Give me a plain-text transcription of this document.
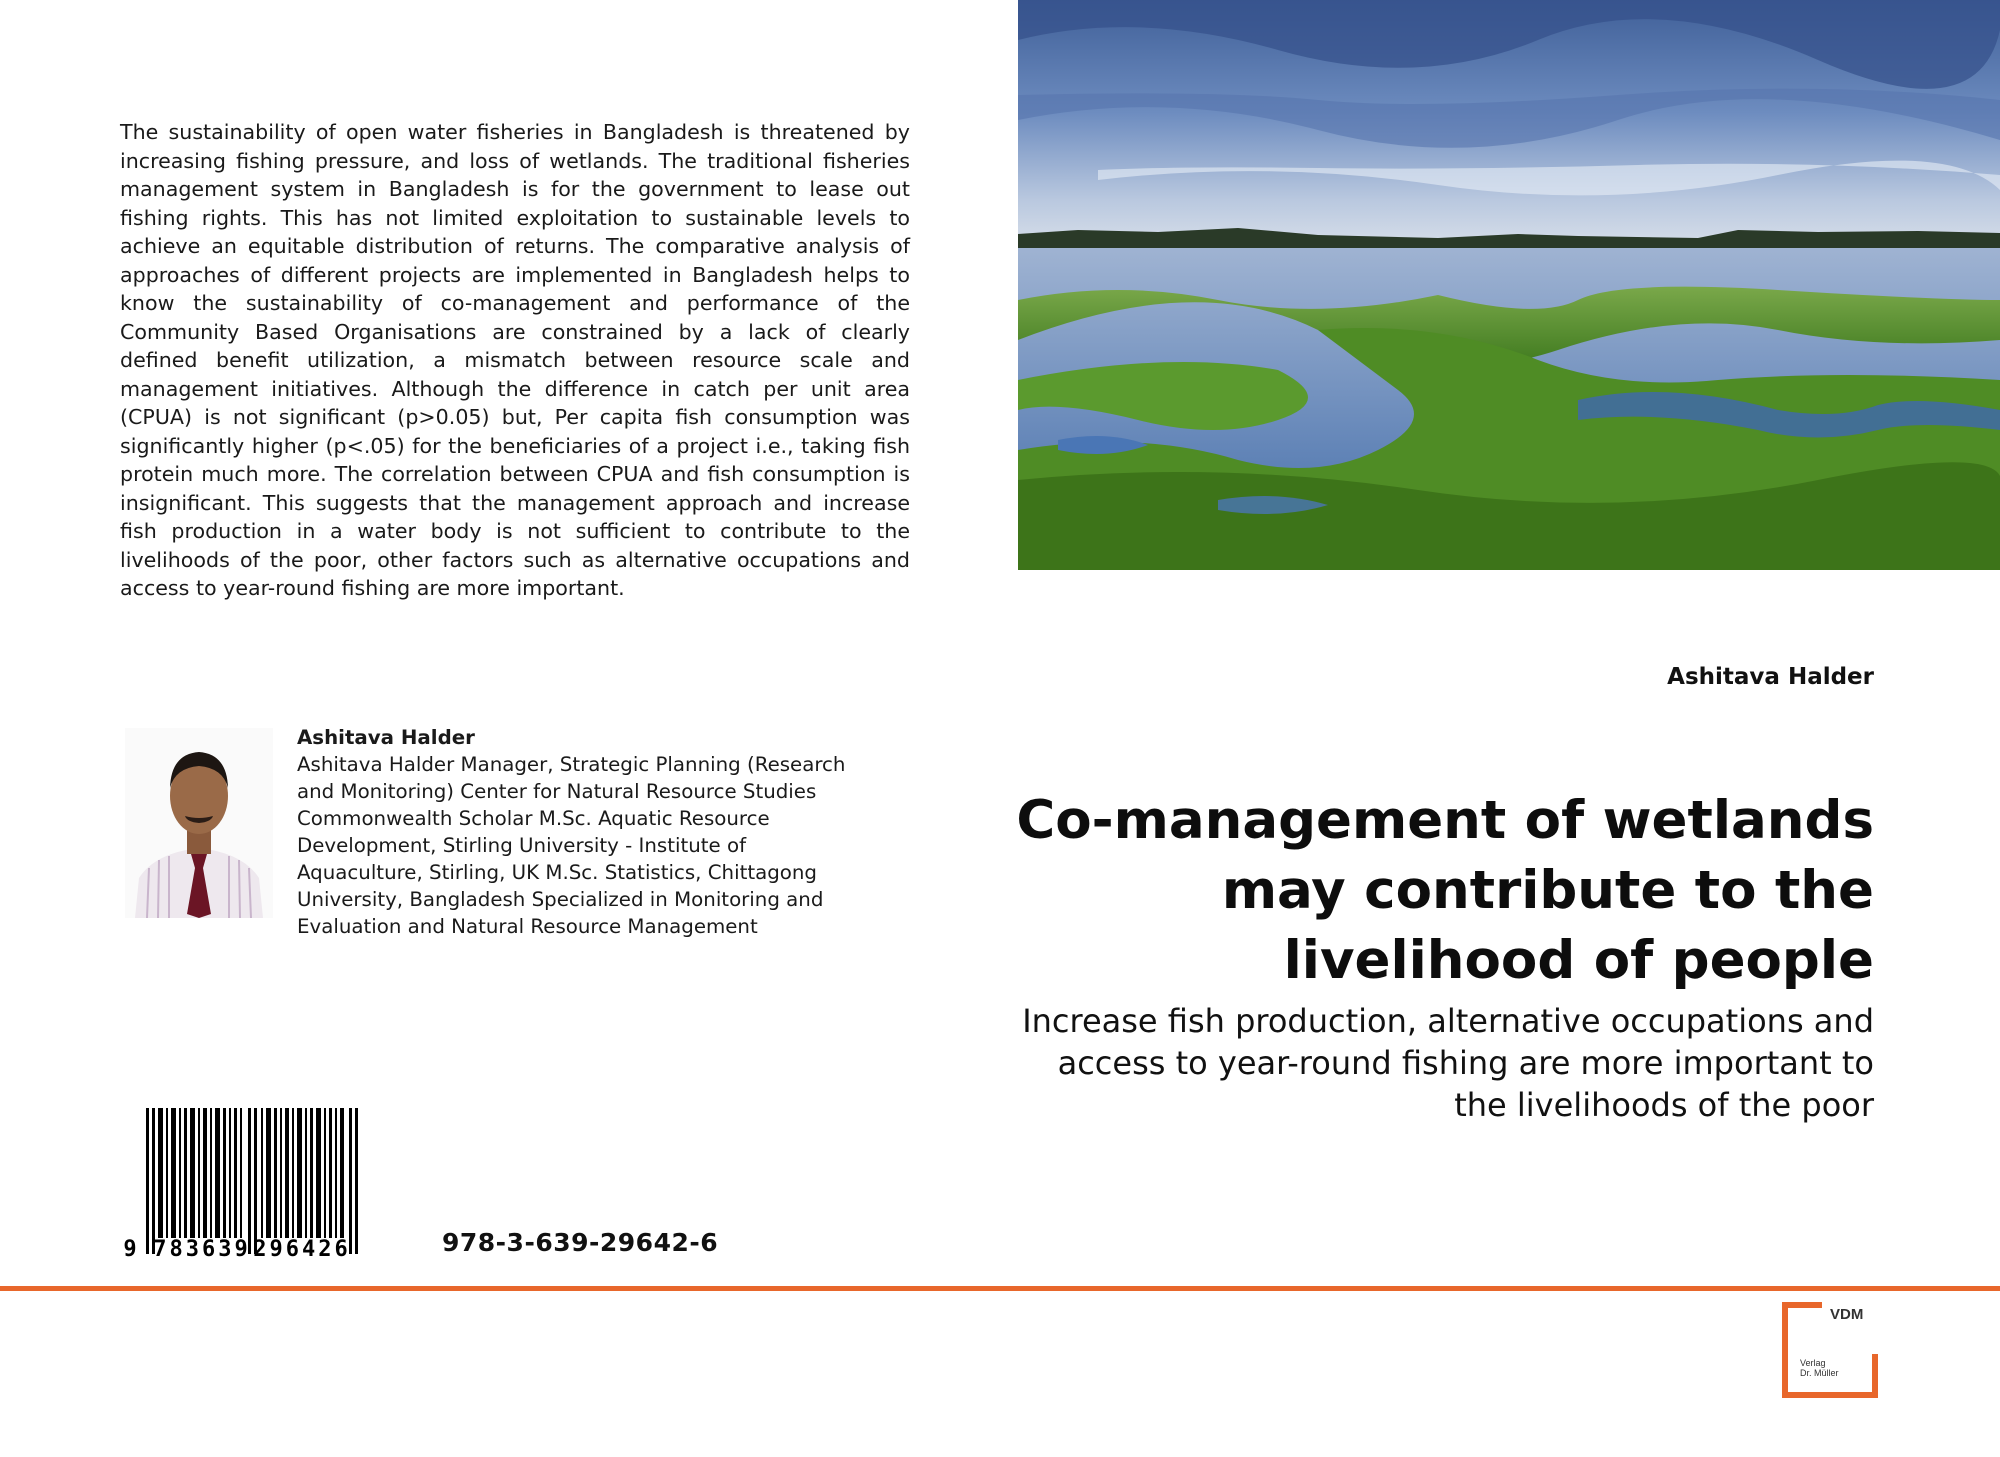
The sustainability of open water fisheries in Bangladesh is threatened by increasing fishing pressure, and loss of wetlands. The traditional fisheries management system in Bangladesh is for the government to lease out fishing rights. This has not limited exploitation to sustainable levels to achieve an equitable distribution of returns. The comparative analysis of approaches of different projects are implemented in Bangladesh helps to know the sustainability of co-management and performance of the Community Based Organisations are constrained by a lack of clearly defined benefit utilization, a mismatch between resource scale and management initiatives. Although the difference in catch per unit area (CPUA) is not significant (p>0.05) but, Per capita fish consumption was significantly higher (p<.05) for the beneficiaries of a project i.e., taking fish protein much more. The correlation between CPUA and fish consumption is insignificant. This suggests that the management approach and increase fish production in a water body is not sufficient to contribute to the livelihoods of the poor, other factors such as alternative occupations and access to year-round fishing are more important.
Ashitava Halder
Ashitava Halder Manager, Strategic Planning (Research and Monitoring) Center for Natural Resource Studies Commonwealth Scholar M.Sc. Aquatic Resource Development, Stirling University - Institute of Aquaculture, Stirling, UK M.Sc. Statistics, Chittagong University, Bangladesh Specialized in Monitoring and Evaluation and Natural Resource Management
Ashitava Halder
Co-management of wetlands may contribute to the livelihood of people
Increase fish production, alternative occupations and access to year-round fishing are more important to the livelihoods of the poor
9 783639 296426	978-3-639-29642-6
VDM
Verlag
Dr. Müller
